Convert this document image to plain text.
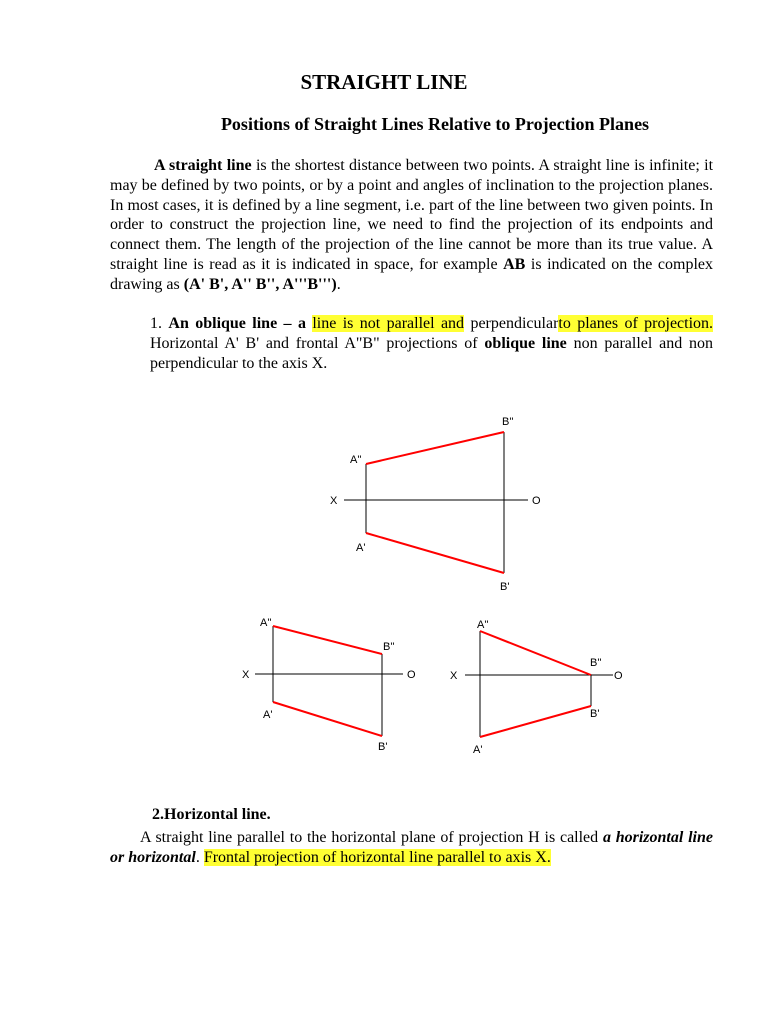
STRAIGHT LINE
Positions of Straight Lines Relative to Projection Planes
A straight line is the shortest distance between two points. A straight line is infinite; it may be defined by two points, or by a point and angles of inclination to the projection planes. In most cases, it is defined by a line segment, i.e. part of the line between two given points. In order to construct the projection line, we need to find the projection of its endpoints and connect them. The length of the projection of the line cannot be more than its true value. A straight line is read as it is indicated in space, for example AB is indicated on the complex drawing as (A' B', A'' B'', A'''B''').
1. An oblique line – a line is not parallel and perpendicularto planes of projection. Horizontal A' B' and frontal A"B" projections of oblique line non parallel and non perpendicular to the axis X.
A''
B''
X	O
A'
B'
A''
B''
X	O
A'
B'
A''
B''
X	O
A'
B'
2.Horizontal line.
A straight line parallel to the horizontal plane of projection H is called a horizontal line or horizontal. Frontal projection of horizontal line parallel to axis X.
